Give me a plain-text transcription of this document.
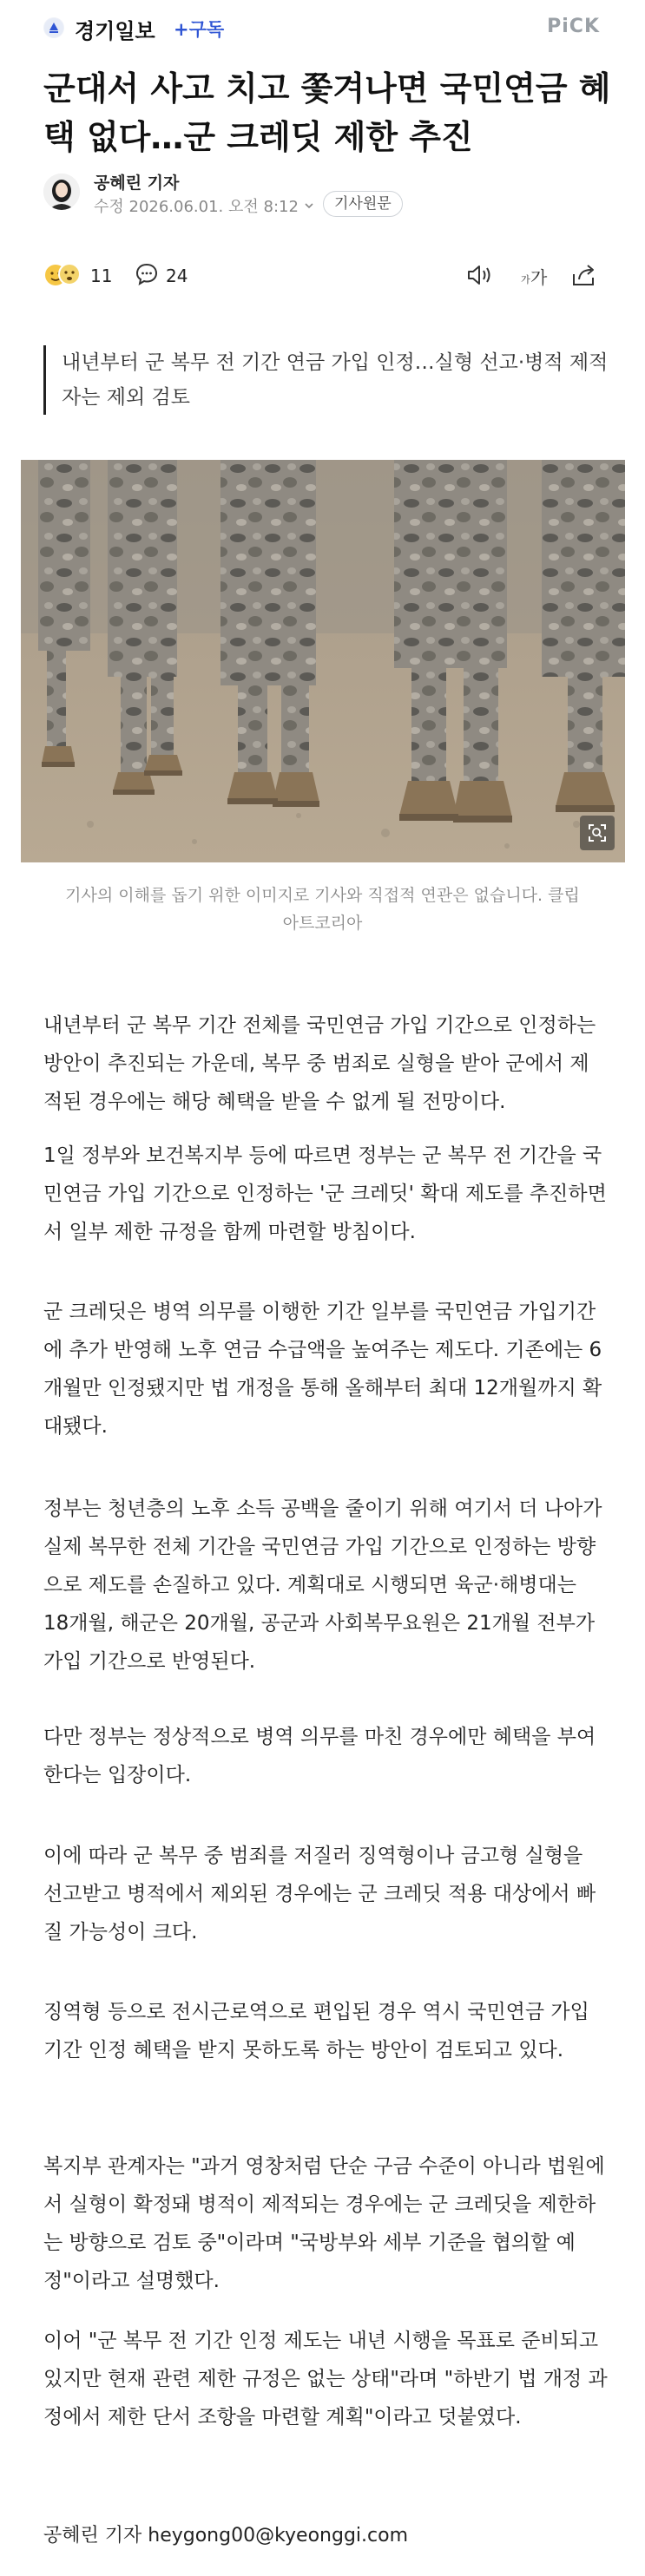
경기일보 +구독	PiCK
군대서 사고 치고 쫓겨나면 국민연금 혜택 없다…군 크레딧 제한 추진
공혜린 기자
수정 2026.06.01. 오전 8:12	기사원문
11	24	가 가

내년부터 군 복무 전 기간 연금 가입 인정…실형 선고·병적 제적자는 제외 검토

기사의 이해를 돕기 위한 이미지로 기사와 직접적 연관은 없습니다. 클립아트코리아

내년부터 군 복무 기간 전체를 국민연금 가입 기간으로 인정하는 방안이 추진되는 가운데, 복무 중 범죄로 실형을 받아 군에서 제적된 경우에는 해당 혜택을 받을 수 없게 될 전망이다.

1일 정부와 보건복지부 등에 따르면 정부는 군 복무 전 기간을 국민연금 가입 기간으로 인정하는 '군 크레딧' 확대 제도를 추진하면서 일부 제한 규정을 함께 마련할 방침이다.

군 크레딧은 병역 의무를 이행한 기간 일부를 국민연금 가입기간에 추가 반영해 노후 연금 수급액을 높여주는 제도다. 기존에는 6개월만 인정됐지만 법 개정을 통해 올해부터 최대 12개월까지 확대됐다.

정부는 청년층의 노후 소득 공백을 줄이기 위해 여기서 더 나아가 실제 복무한 전체 기간을 국민연금 가입 기간으로 인정하는 방향으로 제도를 손질하고 있다. 계획대로 시행되면 육군·해병대는 18개월, 해군은 20개월, 공군과 사회복무요원은 21개월 전부가 가입 기간으로 반영된다.

다만 정부는 정상적으로 병역 의무를 마친 경우에만 혜택을 부여한다는 입장이다.

이에 따라 군 복무 중 범죄를 저질러 징역형이나 금고형 실형을 선고받고 병적에서 제외된 경우에는 군 크레딧 적용 대상에서 빠질 가능성이 크다.

징역형 등으로 전시근로역으로 편입된 경우 역시 국민연금 가입 기간 인정 혜택을 받지 못하도록 하는 방안이 검토되고 있다.

복지부 관계자는 "과거 영창처럼 단순 구금 수준이 아니라 법원에서 실형이 확정돼 병적이 제적되는 경우에는 군 크레딧을 제한하는 방향으로 검토 중"이라며 "국방부와 세부 기준을 협의할 예정"이라고 설명했다.

이어 "군 복무 전 기간 인정 제도는 내년 시행을 목표로 준비되고 있지만 현재 관련 제한 규정은 없는 상태"라며 "하반기 법 개정 과정에서 제한 단서 조항을 마련할 계획"이라고 덧붙였다.

공혜린 기자 heygong00@kyeonggi.com
